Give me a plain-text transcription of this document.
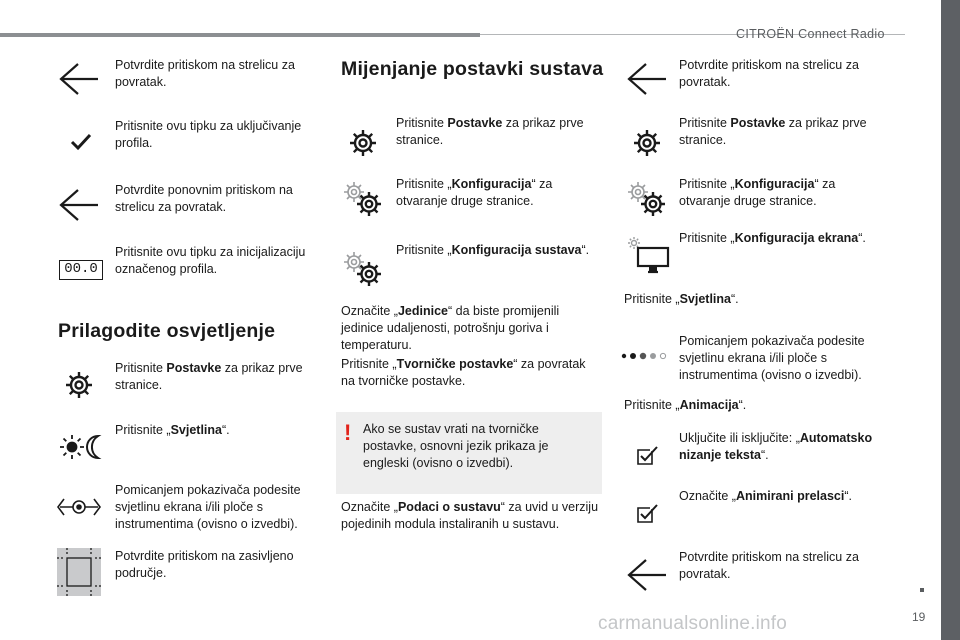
CITROËN Connect Radio
19
carmanualsonline.info
Potvrdite pritiskom na strelicu za povratak.
Pritisnite ovu tipku za uključivanje profila.
Potvrdite ponovnim pritiskom na strelicu za povratak.
00.0
Pritisnite ovu tipku za inicijalizaciju označenog profila.
Prilagodite osvjetljenje
Pritisnite Postavke za prikaz prve stranice.
Pritisnite „Svjetlina“.
Pomicanjem pokazivača podesite svjetlinu ekrana i/ili ploče s instrumentima (ovisno o izvedbi).
Potvrdite pritiskom na zasivljeno područje.
Mijenjanje postavki sustava
Pritisnite Postavke za prikaz prve stranice.
Pritisnite „Konfiguracija“ za otvaranje druge stranice.
Pritisnite „Konfiguracija sustava“.
Označite „Jedinice“ da biste promijenili jedinice udaljenosti, potrošnju goriva i temperaturu.
Pritisnite „Tvorničke postavke“ za povratak na tvorničke postavke.
! Ako se sustav vrati na tvorničke postavke, osnovni jezik prikaza je engleski (ovisno o izvedbi).
Označite „Podaci o sustavu“ za uvid u verziju pojedinih modula instaliranih u sustavu.
Potvrdite pritiskom na strelicu za povratak.
Pritisnite Postavke za prikaz prve stranice.
Pritisnite „Konfiguracija“ za otvaranje druge stranice.
Pritisnite „Konfiguracija ekrana“.
Pritisnite „Svjetlina“.
Pomicanjem pokazivača podesite svjetlinu ekrana i/ili ploče s instrumentima (ovisno o izvedbi).
Pritisnite „Animacija“.
Uključite ili isključite: „Automatsko nizanje teksta“.
Označite „Animirani prelasci“.
Potvrdite pritiskom na strelicu za povratak.
